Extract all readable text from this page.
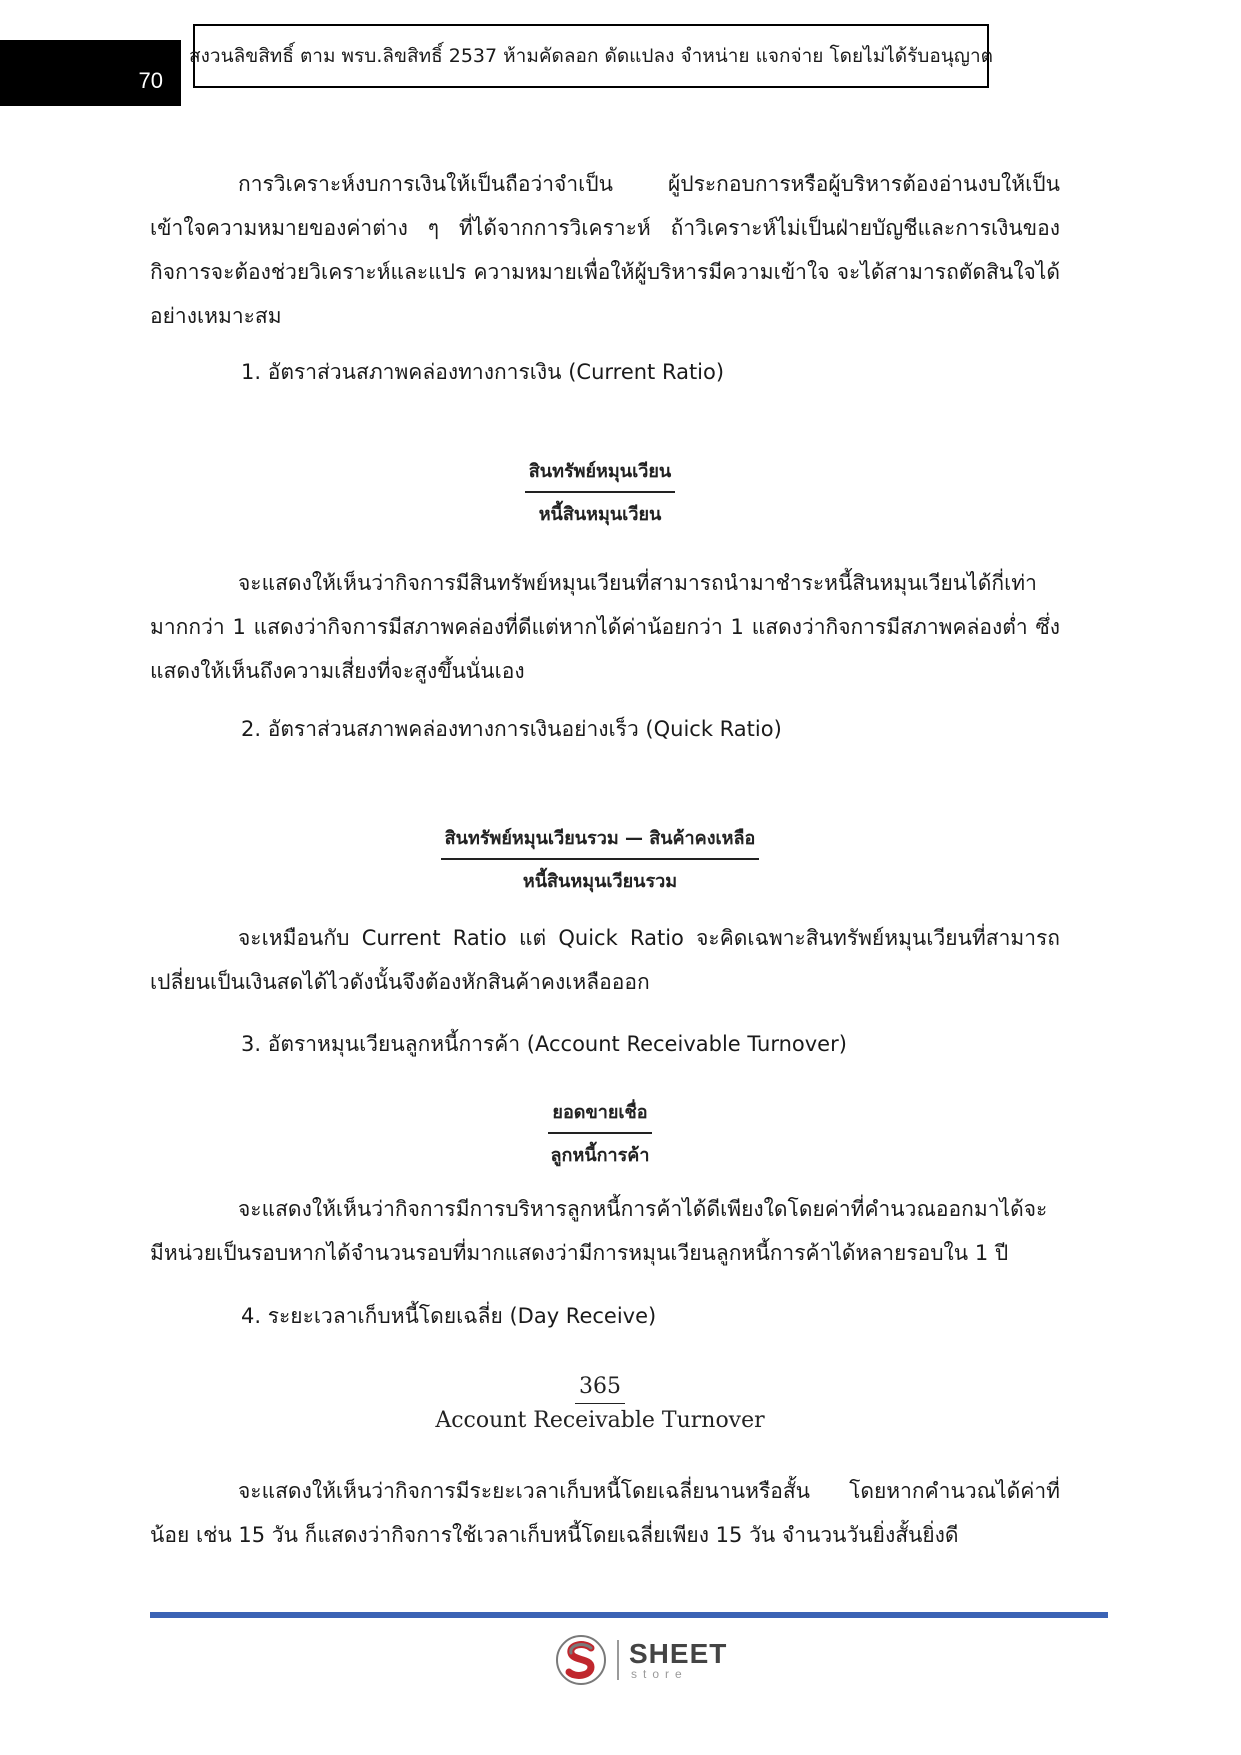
70
สงวนลิขสิทธิ์ ตาม พรบ.ลิขสิทธิ์ 2537 ห้ามคัดลอก ดัดแปลง จำหน่าย แจกจ่าย โดยไม่ได้รับอนุญาต

การวิเคราะห์งบการเงินให้เป็นถือว่าจำเป็น ผู้ประกอบการหรือผู้บริหารต้องอ่านงบให้เป็นเข้าใจความหมายของค่าต่าง ๆ ที่ได้จากการวิเคราะห์ ถ้าวิเคราะห์ไม่เป็นฝ่ายบัญชีและการเงินของกิจการจะต้องช่วยวิเคราะห์และแปร ความหมายเพื่อให้ผู้บริหารมีความเข้าใจ จะได้สามารถตัดสินใจได้อย่างเหมาะสม

1. อัตราส่วนสภาพคล่องทางการเงิน (Current Ratio)
$\frac{\text{สินทรัพย์หมุนเวียน}}{\text{หนี้สินหมุนเวียน}}$

จะแสดงให้เห็นว่ากิจการมีสินทรัพย์หมุนเวียนที่สามารถนำมาชำระหนี้สินหมุนเวียนได้กี่เท่า มากกว่า 1 แสดงว่ากิจการมีสภาพคล่องที่ดีแต่หากได้ค่าน้อยกว่า 1 แสดงว่ากิจการมีสภาพคล่องต่ำ ซึ่งแสดงให้เห็นถึงความเสี่ยงที่จะสูงขึ้นนั่นเอง

2. อัตราส่วนสภาพคล่องทางการเงินอย่างเร็ว (Quick Ratio)
$\frac{\text{สินทรัพย์หมุนเวียนรวม — สินค้าคงเหลือ}}{\text{หนี้สินหมุนเวียนรวม}}$

จะเหมือนกับ Current Ratio แต่ Quick Ratio จะคิดเฉพาะสินทรัพย์หมุนเวียนที่สามารถเปลี่ยนเป็นเงินสดได้ไวดังนั้นจึงต้องหักสินค้าคงเหลือออก

3. อัตราหมุนเวียนลูกหนี้การค้า (Account Receivable Turnover)
$\frac{\text{ยอดขายเชื่อ}}{\text{ลูกหนี้การค้า}}$

จะแสดงให้เห็นว่ากิจการมีการบริหารลูกหนี้การค้าได้ดีเพียงใดโดยค่าที่คำนวณออกมาได้จะมีหน่วยเป็นรอบหากได้จำนวนรอบที่มากแสดงว่ามีการหมุนเวียนลูกหนี้การค้าได้หลายรอบใน 1 ปี

4. ระยะเวลาเก็บหนี้โดยเฉลี่ย (Day Receive)
$\frac{365}{\text{Account Receivable Turnover}}$

จะแสดงให้เห็นว่ากิจการมีระยะเวลาเก็บหนี้โดยเฉลี่ยนานหรือสั้น โดยหากคำนวณได้ค่าที่น้อย เช่น 15 วัน ก็แสดงว่ากิจการใช้เวลาเก็บหนี้โดยเฉลี่ยเพียง 15 วัน จำนวนวันยิ่งสั้นยิ่งดี

SHEET
store
